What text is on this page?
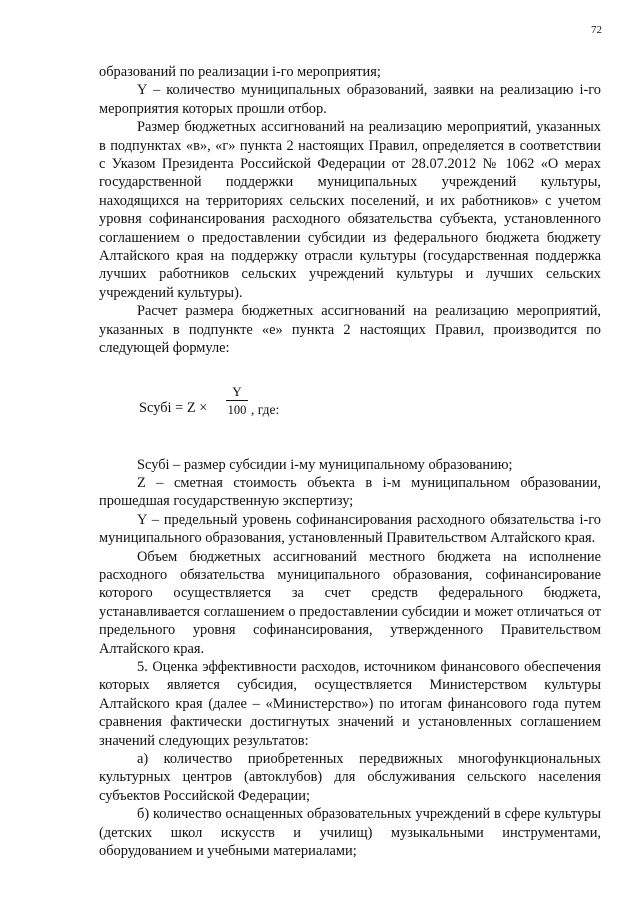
72

образований по реализации i-го мероприятия;

Y – количество муниципальных образований, заявки на реализацию i-го мероприятия которых прошли отбор.

Размер бюджетных ассигнований на реализацию мероприятий, указанных в подпунктах «в», «г» пункта 2 настоящих Правил, определяется в соответствии с Указом Президента Российской Федерации от 28.07.2012 № 1062 «О мерах государственной поддержки муниципальных учреждений культуры, находящихся на территориях сельских поселений, и их работников» с учетом уровня софинансирования расходного обязательства субъекта, установленного соглашением о предоставлении субсидии из федерального бюджета бюджету Алтайского края на поддержку отрасли культуры (государственная поддержка лучших работников сельских учреждений культуры и лучших сельских учреждений культуры).

Расчет размера бюджетных ассигнований на реализацию мероприятий, указанных в подпункте «е» пункта 2 настоящих Правил, производится по следующей формуле:

Sсубi = Z ×
Y
100 , где:

Sсубi – размер субсидии i-му муниципальному образованию;

Z – сметная стоимость объекта в i-м муниципальном образовании, прошедшая государственную экспертизу;

Y – предельный уровень софинансирования расходного обязательства i-го муниципального образования, установленный Правительством Алтайского края.

Объем бюджетных ассигнований местного бюджета на исполнение расходного обязательства муниципального образования, софинансирование которого осуществляется за счет средств федерального бюджета, устанавливается соглашением о предоставлении субсидии и может отличаться от предельного уровня софинансирования, утвержденного Правительством Алтайского края.

5. Оценка эффективности расходов, источником финансового обеспечения которых является субсидия, осуществляется Министерством культуры Алтайского края (далее – «Министерство») по итогам финансового года путем сравнения фактически достигнутых значений и установленных соглашением значений следующих результатов:

а) количество приобретенных передвижных многофункциональных культурных центров (автоклубов) для обслуживания сельского населения субъектов Российской Федерации;

б) количество оснащенных образовательных учреждений в сфере культуры (детских школ искусств и училищ) музыкальными инструментами, оборудованием и учебными материалами;
